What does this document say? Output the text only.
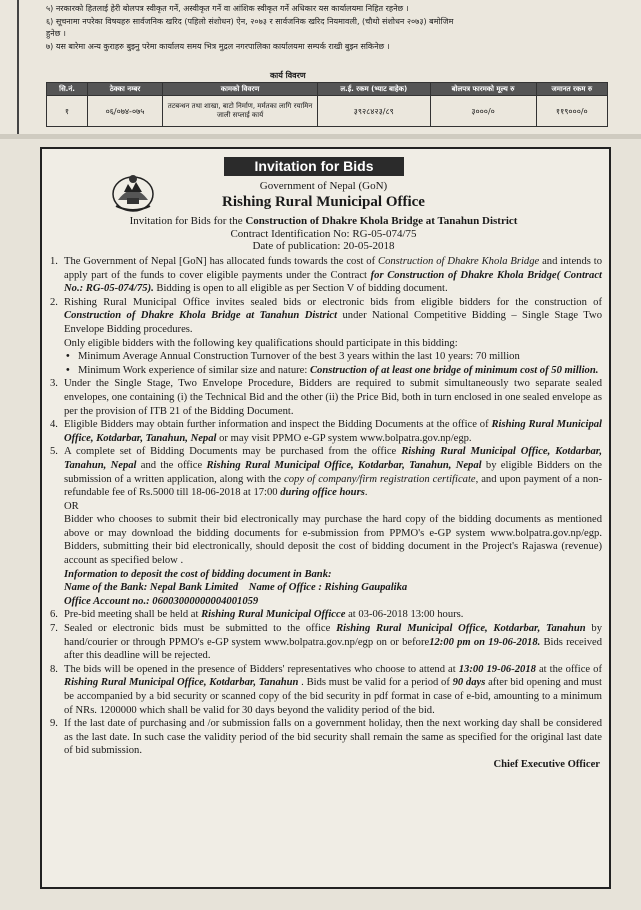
५) नरकारको हितलाई हेरी बोलपत्र स्वीकृत गर्ने, अस्वीकृत गर्ने वा आंशिक स्वीकृत गर्ने अधिकार यस कार्यालयमा निहित रहनेछ ।
६) सूचनामा नपरेका विषयहरु सार्वजनिक खरिद (पहिलो संशोधन) ऐन, २०७३ र सार्वजनिक खरिद नियमावली, (चौथो संशोधन २०७३) बमोजिम
हुनेछ ।
७) यस बारेमा अन्य कुराहरु बुझ्नु परेमा कार्यालय समय भित्र मुद्रल नगरपालिका कार्यालयमा सम्पर्क राखी बुझ्न सकिनेछ ।
कार्य विवरण
सि.नं.	ठेक्का नम्बर	कामको विवरण	ल.ई. रकम (भ्याट बाहेक)	बोलपत्र फारमको मूल्य रु	जमानत रकम रु
१	०६/०७४-०७५	तटबन्धन तथा शाखा, बाटो निर्माण, मर्मतका लागि रयामिन जाली सप्लाई कार्य	३९२८४२३/८९	३०००/०	११९०००/०
Invitation for Bids
Government of Nepal (GoN)
Rishing Rural Municipal Office
Invitation for Bids for the Construction of Dhakre Khola Bridge at Tanahun District
Contract Identification No: RG-05-074/75
Date of publication: 20-05-2018

1. The Government of Nepal [GoN] has allocated funds towards the cost of Construction of Dhakre Khola Bridge and intends to apply part of the funds to cover eligible payments under the Contract for Construction of Dhakre Khola Bridge( Contract No.: RG-05-074/75). Bidding is open to all eligible as per Section V of bidding document.

2. Rishing Rural Municipal Office invites sealed bids or electronic bids from eligible bidders for the construction of Construction of Dhakre Khola Bridge at Tanahun District under National Competitive Bidding – Single Stage Two Envelope Bidding procedures.

Only eligible bidders with the following key qualifications should participate in this bidding:

• Minimum Average Annual Construction Turnover of the best 3 years within the last 10 years: 70 million

• Minimum Work experience of similar size and nature: Construction of at least one bridge of minimum cost of 50 million.

3. Under the Single Stage, Two Envelope Procedure, Bidders are required to submit simultaneously two separate sealed envelopes, one containing (i) the Technical Bid and the other (ii) the Price Bid, both in turn enclosed in one sealed envelope as per the provision of ITB 21 of the Bidding Document.

4. Eligible Bidders may obtain further information and inspect the Bidding Documents at the office of Rishing Rural Municipal Office, Kotdarbar, Tanahun, Nepal or may visit PPMO e-GP system www.bolpatra.gov.np/egp.

5. A complete set of Bidding Documents may be purchased from the office Rishing Rural Municipal Office, Kotdarbar, Tanahun, Nepal and the office Rishing Rural Municipal Office, Kotdarbar, Tanahun, Nepal by eligible Bidders on the submission of a written application, along with the copy of company/firm registration certificate, and upon payment of a non-refundable fee of Rs.5000 till 18-06-2018 at 17:00 during office hours.

OR

Bidder who chooses to submit their bid electronically may purchase the hard copy of the bidding documents as mentioned above or may download the bidding documents for e-submission from PPMO's e-GP system www.bolpatra.gov.np/egp. Bidders, submitting their bid electronically, should deposit the cost of bidding document in the Project's Rajaswa (revenue) account as specified below .

Information to deposit the cost of bidding document in Bank:

Name of the Bank: Nepal Bank Limited    Name of Office : Rishing Gaupalika

Office Account no.: 06003000000004001059

6. Pre-bid meeting shall be held at Rishing Rural Municipal Officce at 03-06-2018 13:00 hours.

7. Sealed or electronic bids must be submitted to the office Rishing Rural Municipal Office, Kotdarbar, Tanahun by hand/courier or through PPMO's e-GP system www.bolpatra.gov.np/egp on or before12:00 pm on 19-06-2018. Bids received after this deadline will be rejected.

8. The bids will be opened in the presence of Bidders' representatives who choose to attend at 13:00 19-06-2018 at the office of Rishing Rural Municipal Office, Kotdarbar, Tanahun . Bids must be valid for a period of 90 days after bid opening and must be accompanied by a bid security or scanned copy of the bid security in pdf format in case of e-bid, amounting to a minimum of NRs. 1200000 which shall be valid for 30 days beyond the validity period of the bid.

9. If the last date of purchasing and /or submission falls on a government holiday, then the next working day shall be considered as the last date. In such case the validity period of the bid security shall remain the same as specified for the original last date of bid submission.

Chief Executive Officer
